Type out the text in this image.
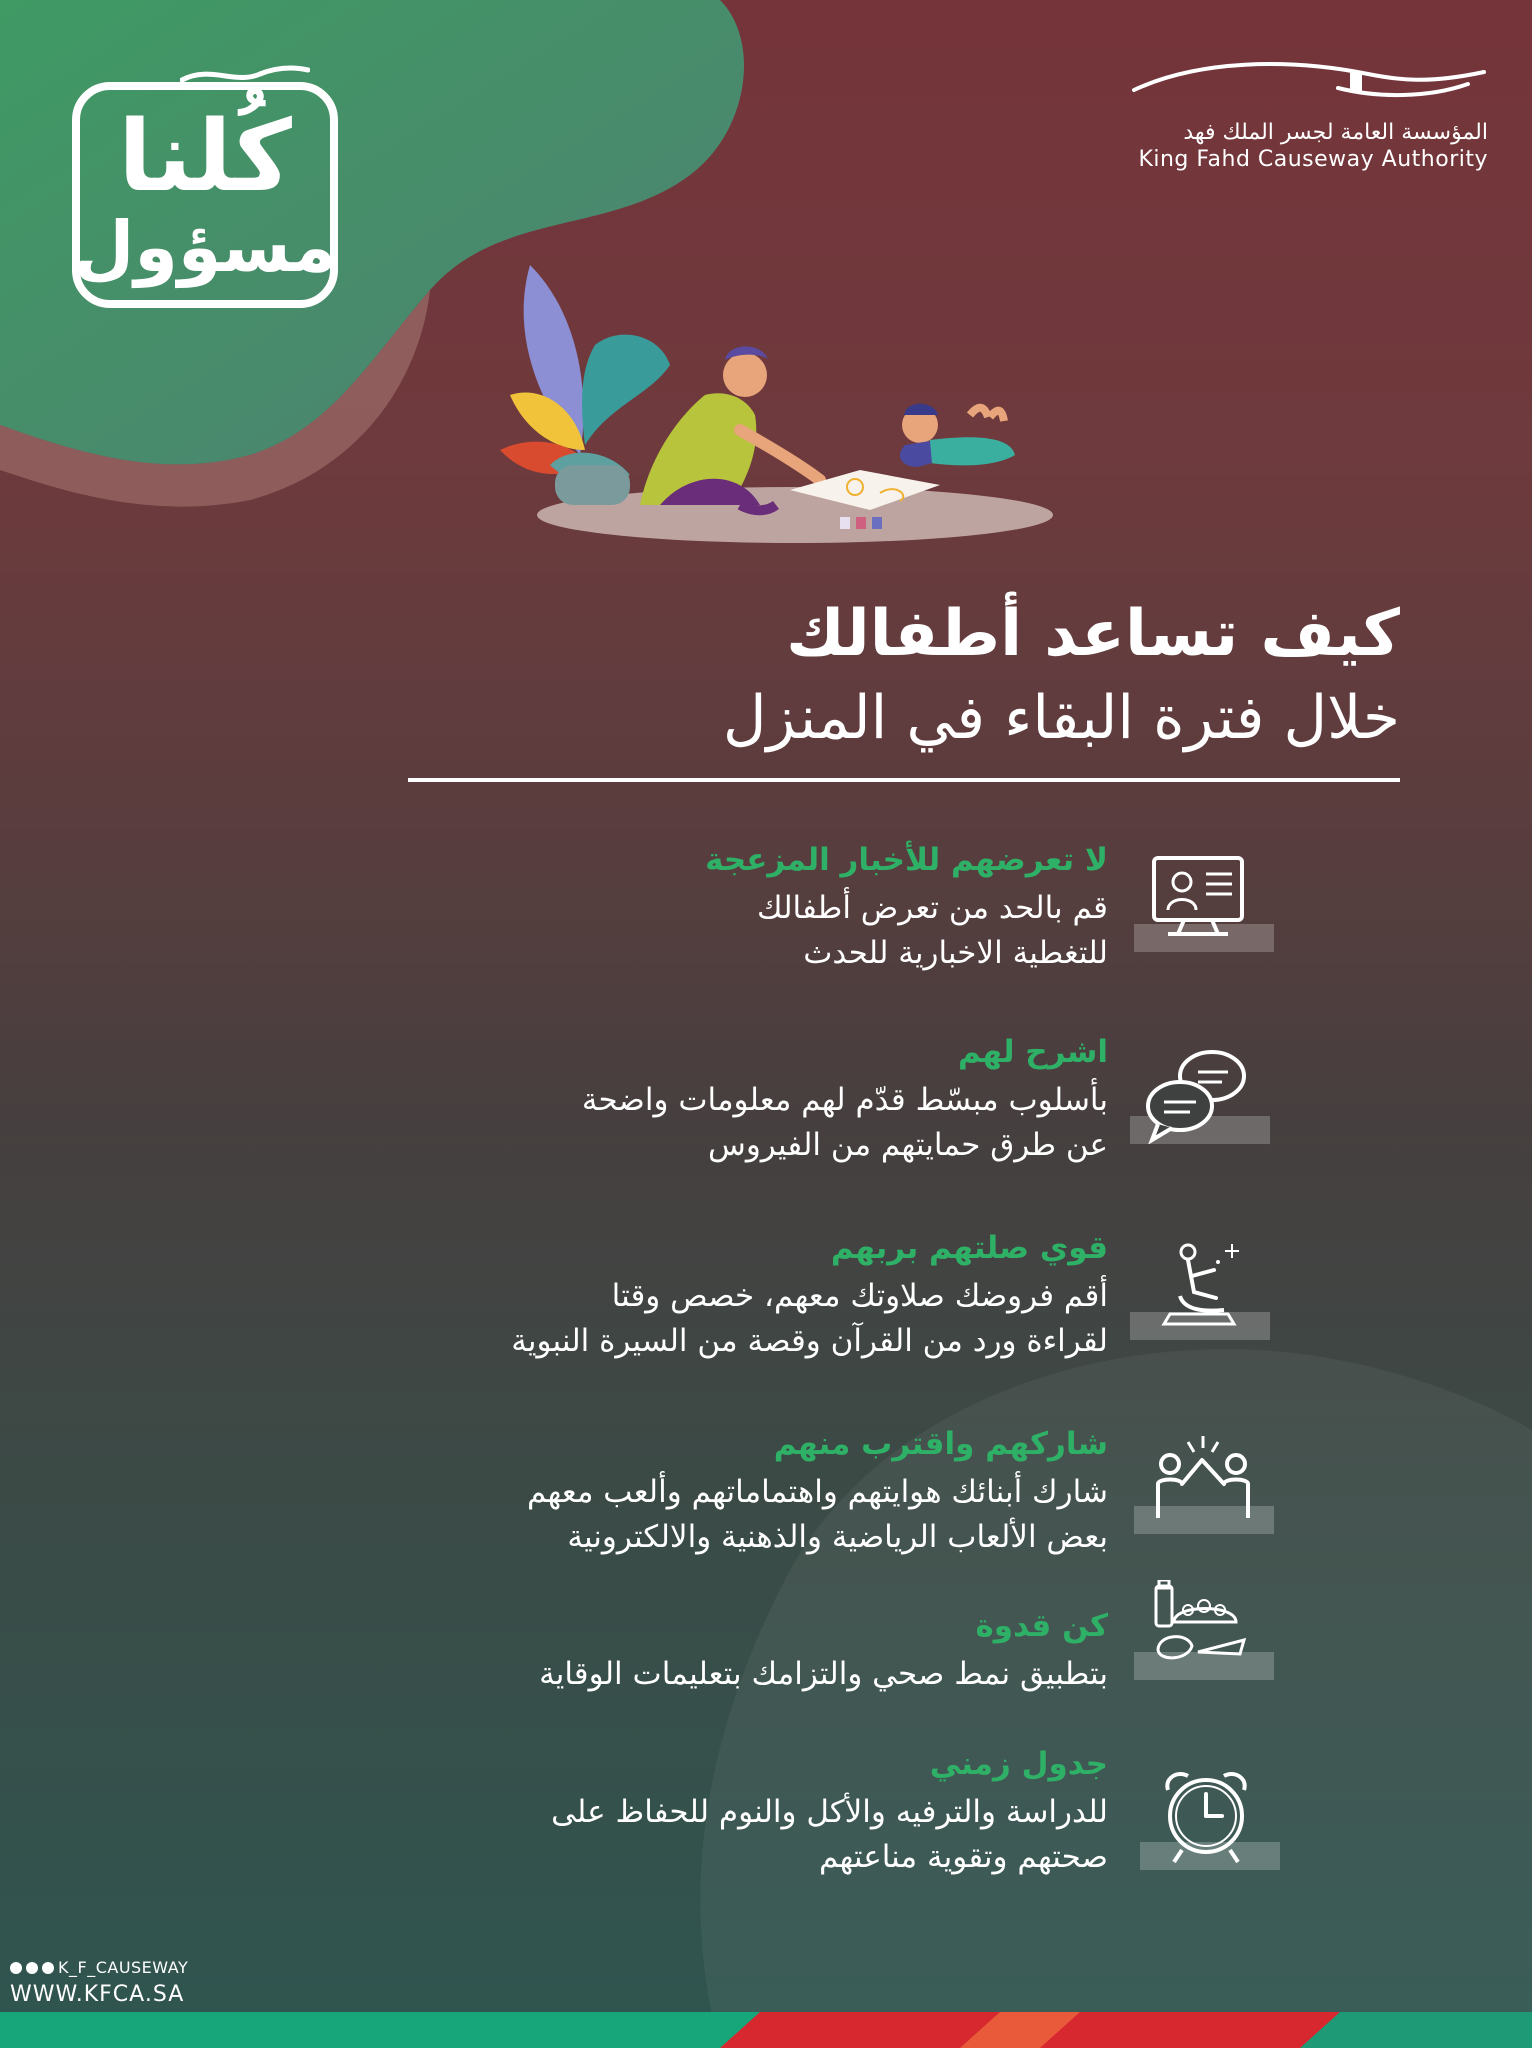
كُلنا
مسؤول
المؤسسة العامة لجسر الملك فهد
King Fahd Causeway Authority
كيف تساعد أطفالك
خلال فترة البقاء في المنزل
لا تعرضهم للأخبار المزعجة
قم بالحد من تعرض أطفالك
للتغطية الاخبارية للحدث
اشرح لهم
بأسلوب مبسّط قدّم لهم معلومات واضحة
عن طرق حمايتهم من الفيروس
قوي صلتهم بربهم
أقم فروضك صلاوتك معهم، خصص وقتا
لقراءة ورد من القرآن وقصة من السيرة النبوية
شاركهم واقترب منهم
شارك أبنائك هوايتهم واهتماماتهم وألعب معهم
بعض الألعاب الرياضية والذهنية والالكترونية
كن قدوة
بتطبيق نمط صحي والتزامك بتعليمات الوقاية
جدول زمني
للدراسة والترفيه والأكل والنوم للحفاظ على
صحتهم وتقوية مناعتهم
K_F_CAUSEWAY
WWW.KFCA.SA
